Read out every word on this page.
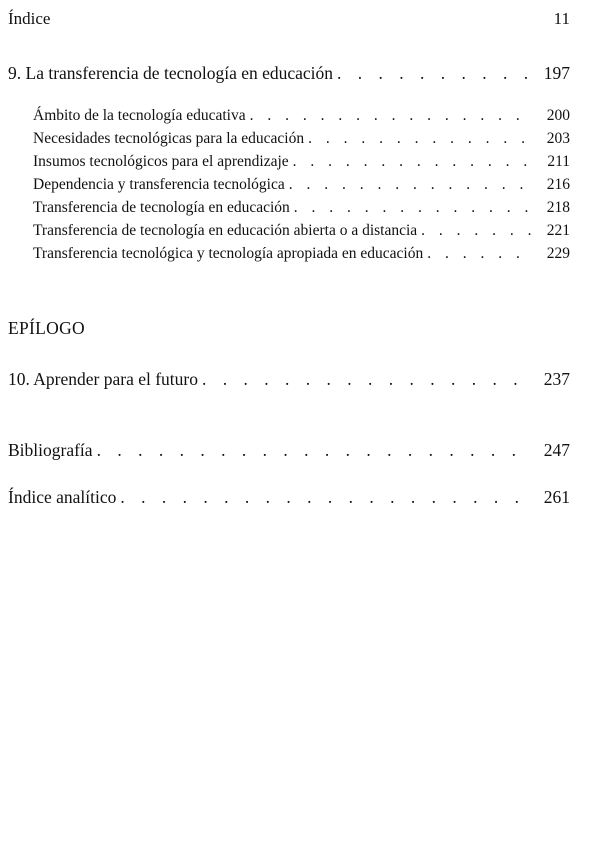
Índice	11
9. La transferencia de tecnología en educación . . .	197
Ámbito de la tecnología educativa . . .	200
Necesidades tecnológicas para la educación . . .	203
Insumos tecnológicos para el aprendizaje . . .	211
Dependencia y transferencia tecnológica . . .	216
Transferencia de tecnología en educación . . .	218
Transferencia de tecnología en educación abierta o a distancia . . .	221
Transferencia tecnológica y tecnología apropiada en educación . . .	229
EPÍLOGO
10. Aprender para el futuro . . .	237
Bibliografía . . .	247
Índice analítico . . .	261
